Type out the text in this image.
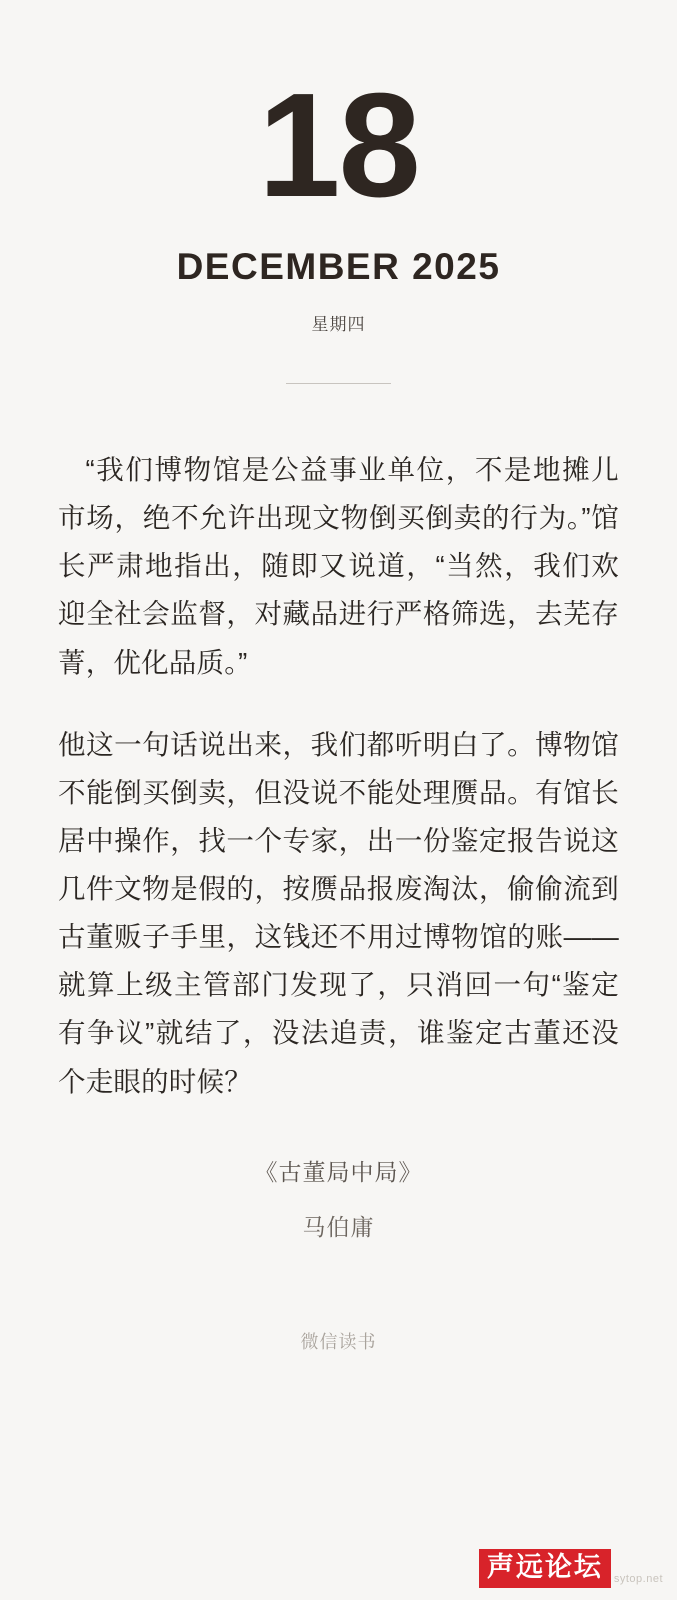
18
DECEMBER 2025
星期四

“我们博物馆是公益事业单位，不是地摊儿市场，绝不允许出现文物倒买倒卖的行为。”馆长严肃地指出，随即又说道，“当然，我们欢迎全社会监督，对藏品进行严格筛选，去芜存菁，优化品质。”

他这一句话说出来，我们都听明白了。博物馆不能倒买倒卖，但没说不能处理赝品。有馆长居中操作，找一个专家，出一份鉴定报告说这几件文物是假的，按赝品报废淘汰，偷偷流到古董贩子手里，这钱还不用过博物馆的账——就算上级主管部门发现了，只消回一句“鉴定有争议”就结了，没法追责，谁鉴定古董还没个走眼的时候？

《古董局中局》
马伯庸
微信读书
声远论坛	sytop.net
